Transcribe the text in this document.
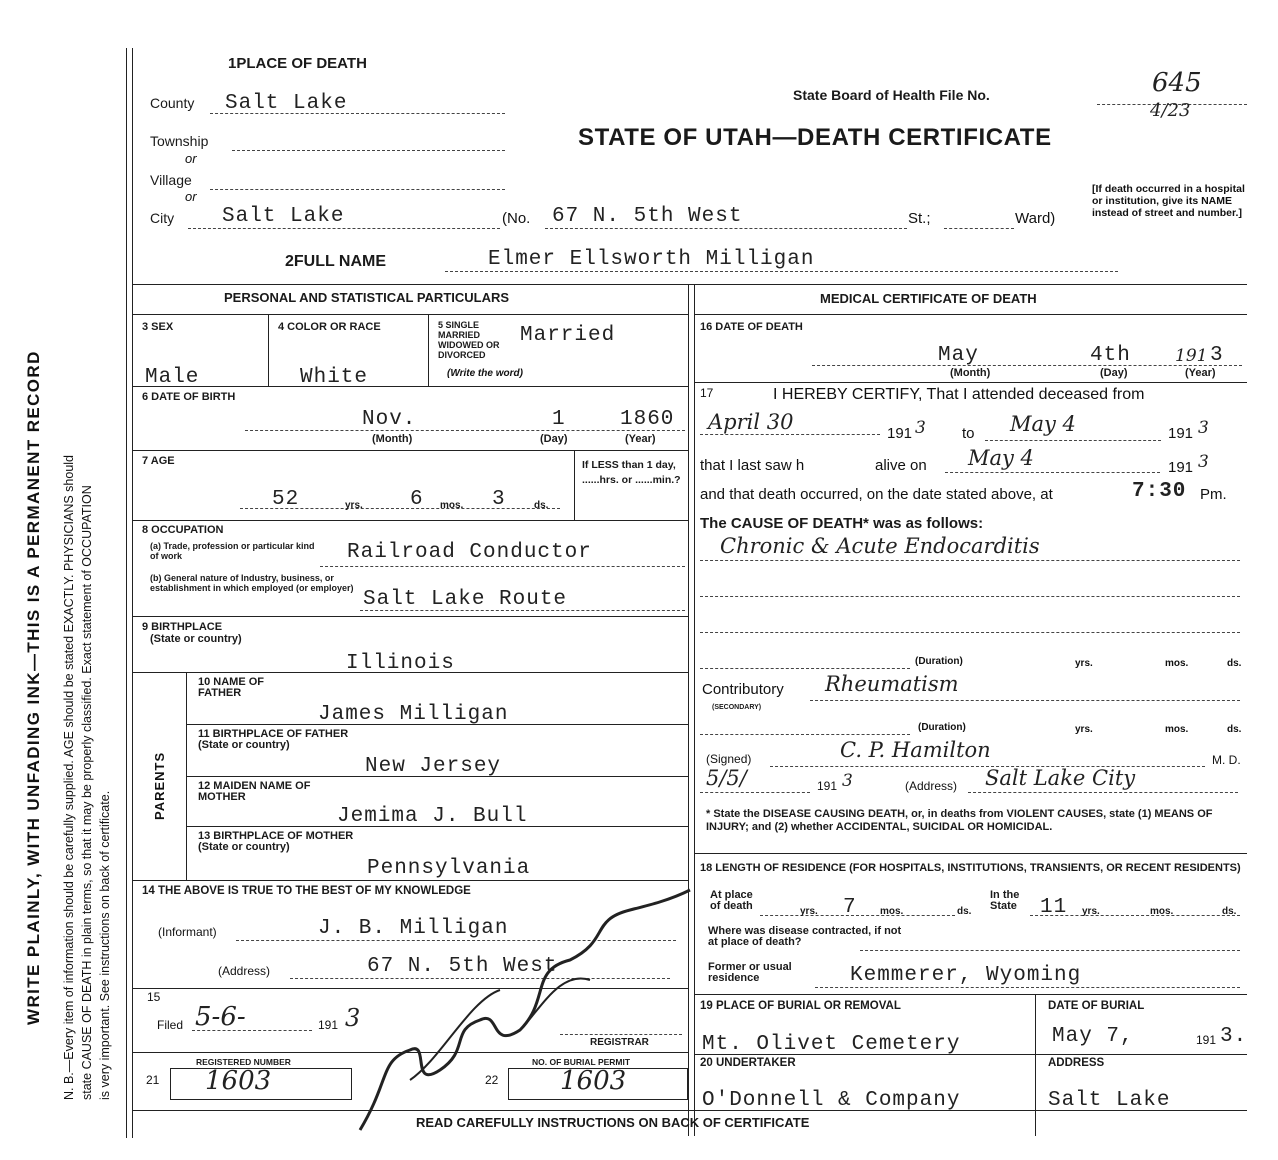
WRITE PLAINLY, WITH UNFADING INK—THIS IS A PERMANENT RECORD N. B.—Every item of information should be carefully supplied. AGE should be stated EXACTLY. PHYSICIANS should state CAUSE OF DEATH in plain terms, so that it may be properly classified. Exact statement of OCCUPATION is very important. See instructions on back of certificate.
1PLACE OF DEATH
County Salt Lake
Township
or
Village
or
City Salt Lake	(No. 67 N. 5th West	St.;	Ward)
State Board of Health File No.	645
4/23
STATE OF UTAH—DEATH CERTIFICATE
[If death occurred in a hospital or institution, give its NAME instead of street and number.]
2FULL NAME	Elmer Ellsworth Milligan
PERSONAL AND STATISTICAL PARTICULARS
3 SEX
Male
4 COLOR OR RACE
White
5 SINGLE MARRIED WIDOWED OR DIVORCED
(Write the word)
Married
6 DATE OF BIRTH
Nov.	1	1860
(Month)	(Day)	(Year)
7 AGE
52	yrs. 6 mos. 3	ds.
If LESS than 1 day, ......hrs. or ......min.?
8 OCCUPATION
(a) Trade, profession or particular kind of work	Railroad Conductor
(b) General nature of Industry, business, or establishment in which employed (or employer) Salt Lake Route
9 BIRTHPLACE
(State or country)
Illinois
PARENTS
10 NAME OF FATHER
James Milligan
11 BIRTHPLACE OF FATHER (State or country)
New Jersey
12 MAIDEN NAME OF MOTHER
Jemima J. Bull
13 BIRTHPLACE OF MOTHER (State or country)
Pennsylvania
14 THE ABOVE IS TRUE TO THE BEST OF MY KNOWLEDGE
(Informant)	J. B. Milligan
(Address)	67 N. 5th West
15
Filed 5-6-	191 3
REGISTRAR
REGISTERED NUMBER
21 1603
NO. OF BURIAL PERMIT
22 1603
MEDICAL CERTIFICATE OF DEATH
16 DATE OF DEATH
May	4th	191 3
(Month)	(Day)	(Year)
17	I HEREBY CERTIFY, That I attended deceased from
April 30	191 3 to May 4	191 3
that I last saw h	alive on May 4	191 3
and that death occurred, on the date stated above, at	7:30 Pm.
The CAUSE OF DEATH* was as follows:
Chronic & Acute Endocarditis
(Duration)	yrs.	mos.	ds.
Contributory
(SECONDARY)
Rheumatism
(Duration)	yrs.	mos.	ds.
(Signed)	C. P. Hamilton	M. D.
5/5/	191 3	(Address) Salt Lake City
* State the DISEASE CAUSING DEATH, or, in deaths from VIOLENT CAUSES, state (1) MEANS OF INJURY; and (2) whether ACCIDENTAL, SUICIDAL OR HOMICIDAL.
18 LENGTH OF RESIDENCE (FOR HOSPITALS, INSTITUTIONS, TRANSIENTS, OR RECENT RESIDENTS)
At place of death	yrs. 7 mos.	ds.
In the State	11 yrs.	mos.	ds.
Where was disease contracted, if not at place of death?
Former or usual residence	Kemmerer, Wyoming
19 PLACE OF BURIAL OR REMOVAL
Mt. Olivet Cemetery
DATE OF BURIAL
May 7,	191 3.
20 UNDERTAKER
O'Donnell & Company
ADDRESS
Salt Lake
READ CAREFULLY INSTRUCTIONS ON BACK OF CERTIFICATE
